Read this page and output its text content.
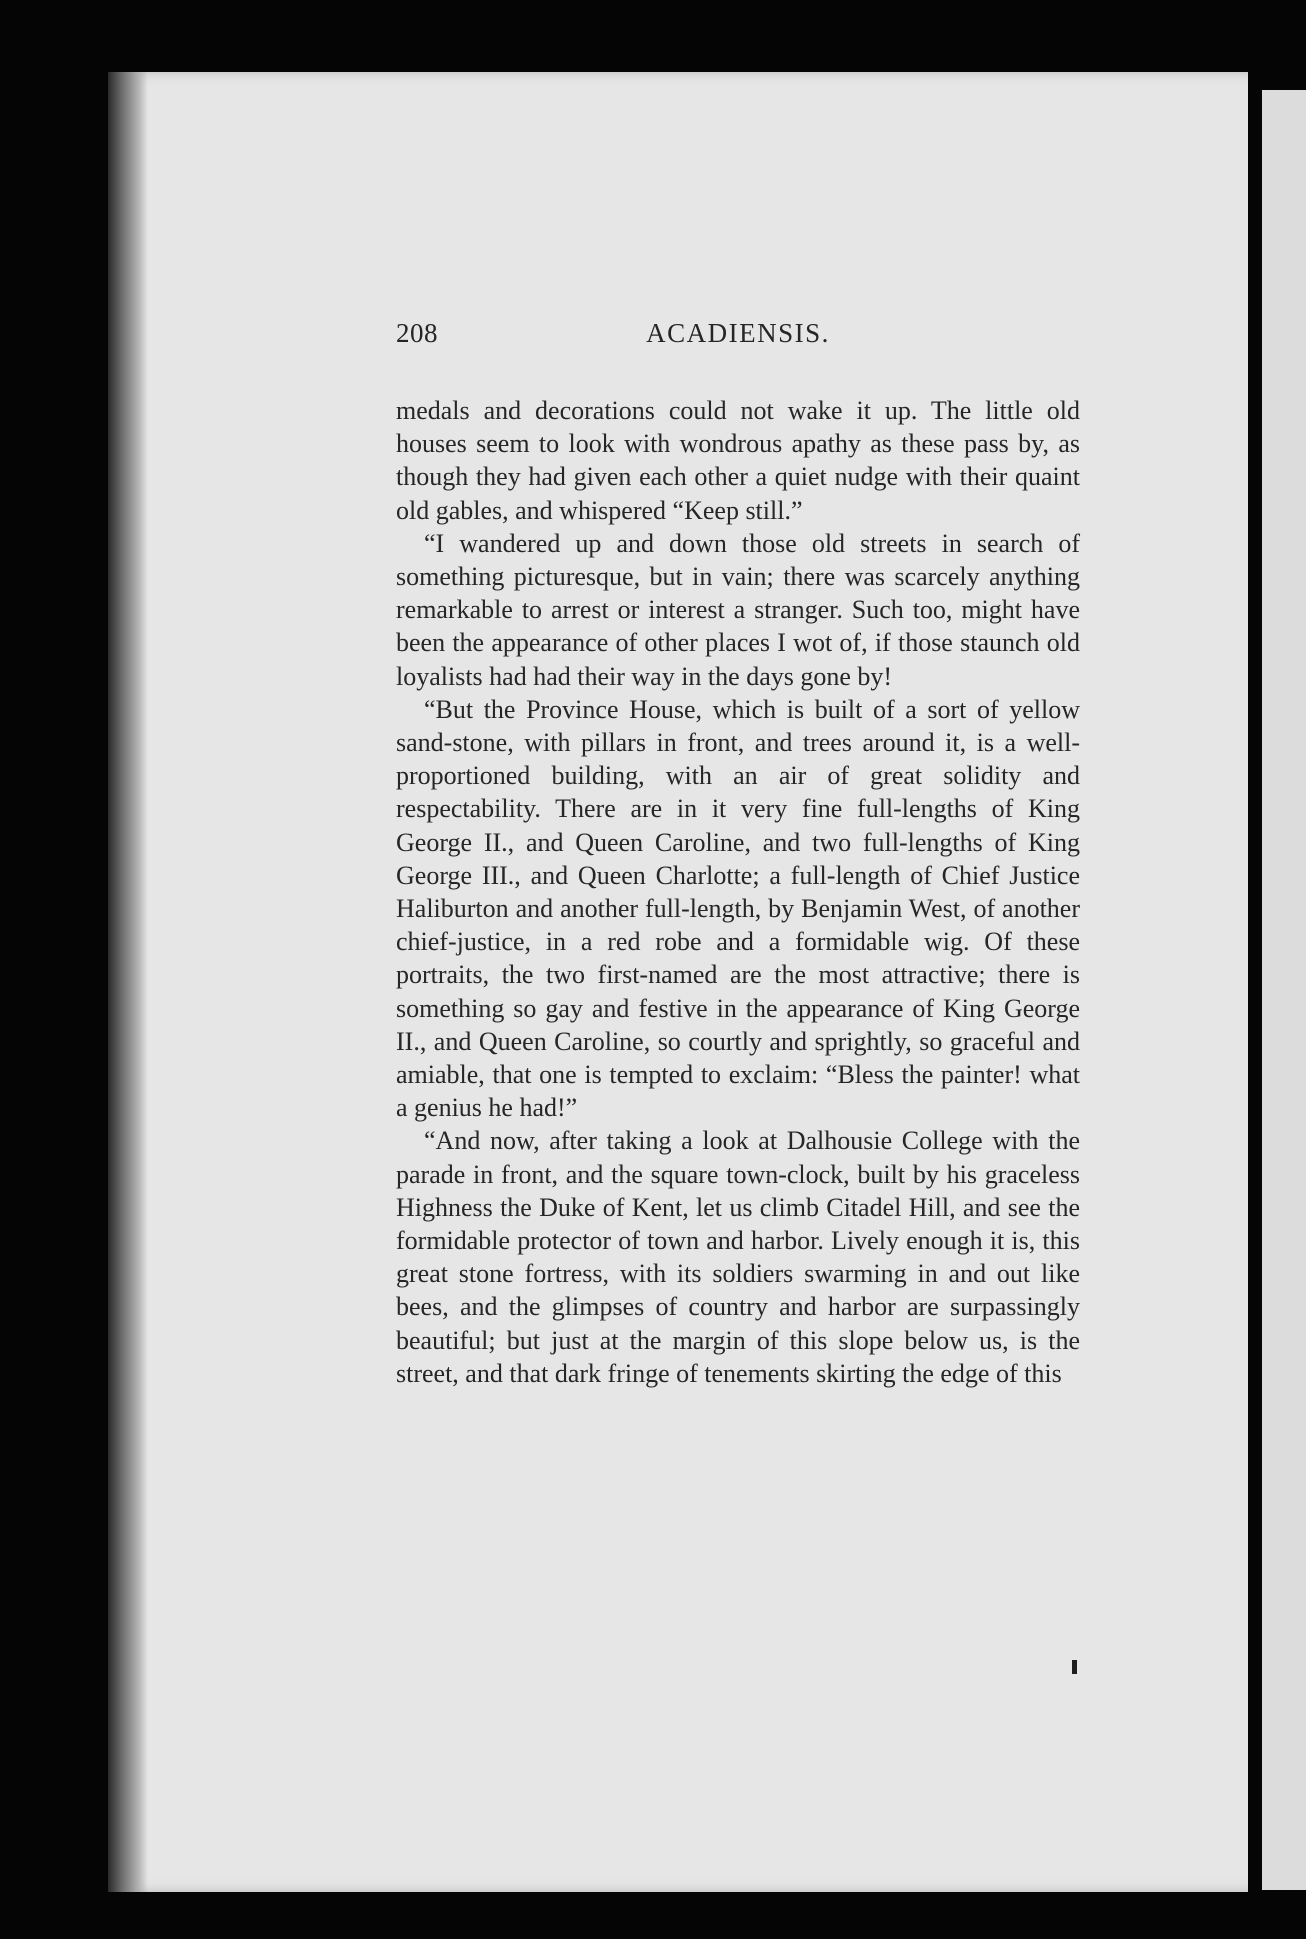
208	ACADIENSIS.

medals and decorations could not wake it up. The little old houses seem to look with wondrous apathy as these pass by, as though they had given each other a quiet nudge with their quaint old gables, and whispered “Keep still.”

“I wandered up and down those old streets in search of something picturesque, but in vain; there was scarcely anything remarkable to arrest or interest a stranger. Such too, might have been the appearance of other places I wot of, if those staunch old loyalists had had their way in the days gone by!

“But the Province House, which is built of a sort of yellow sand-stone, with pillars in front, and trees around it, is a well-proportioned building, with an air of great solidity and respectability. There are in it very fine full-lengths of King George II., and Queen Caroline, and two full-lengths of King George III., and Queen Charlotte; a full-length of Chief Justice Haliburton and another full-length, by Benjamin West, of another chief-justice, in a red robe and a formidable wig. Of these portraits, the two first-named are the most attractive; there is something so gay and festive in the appearance of King George II., and Queen Caroline, so courtly and sprightly, so graceful and amiable, that one is tempted to exclaim: “Bless the painter! what a genius he had!”

“And now, after taking a look at Dalhousie College with the parade in front, and the square town-clock, built by his graceless Highness the Duke of Kent, let us climb Citadel Hill, and see the formidable protector of town and harbor. Lively enough it is, this great stone fortress, with its soldiers swarming in and out like bees, and the glimpses of country and harbor are surpassingly beautiful; but just at the margin of this slope below us, is the street, and that dark fringe of tenements skirting the edge of this
